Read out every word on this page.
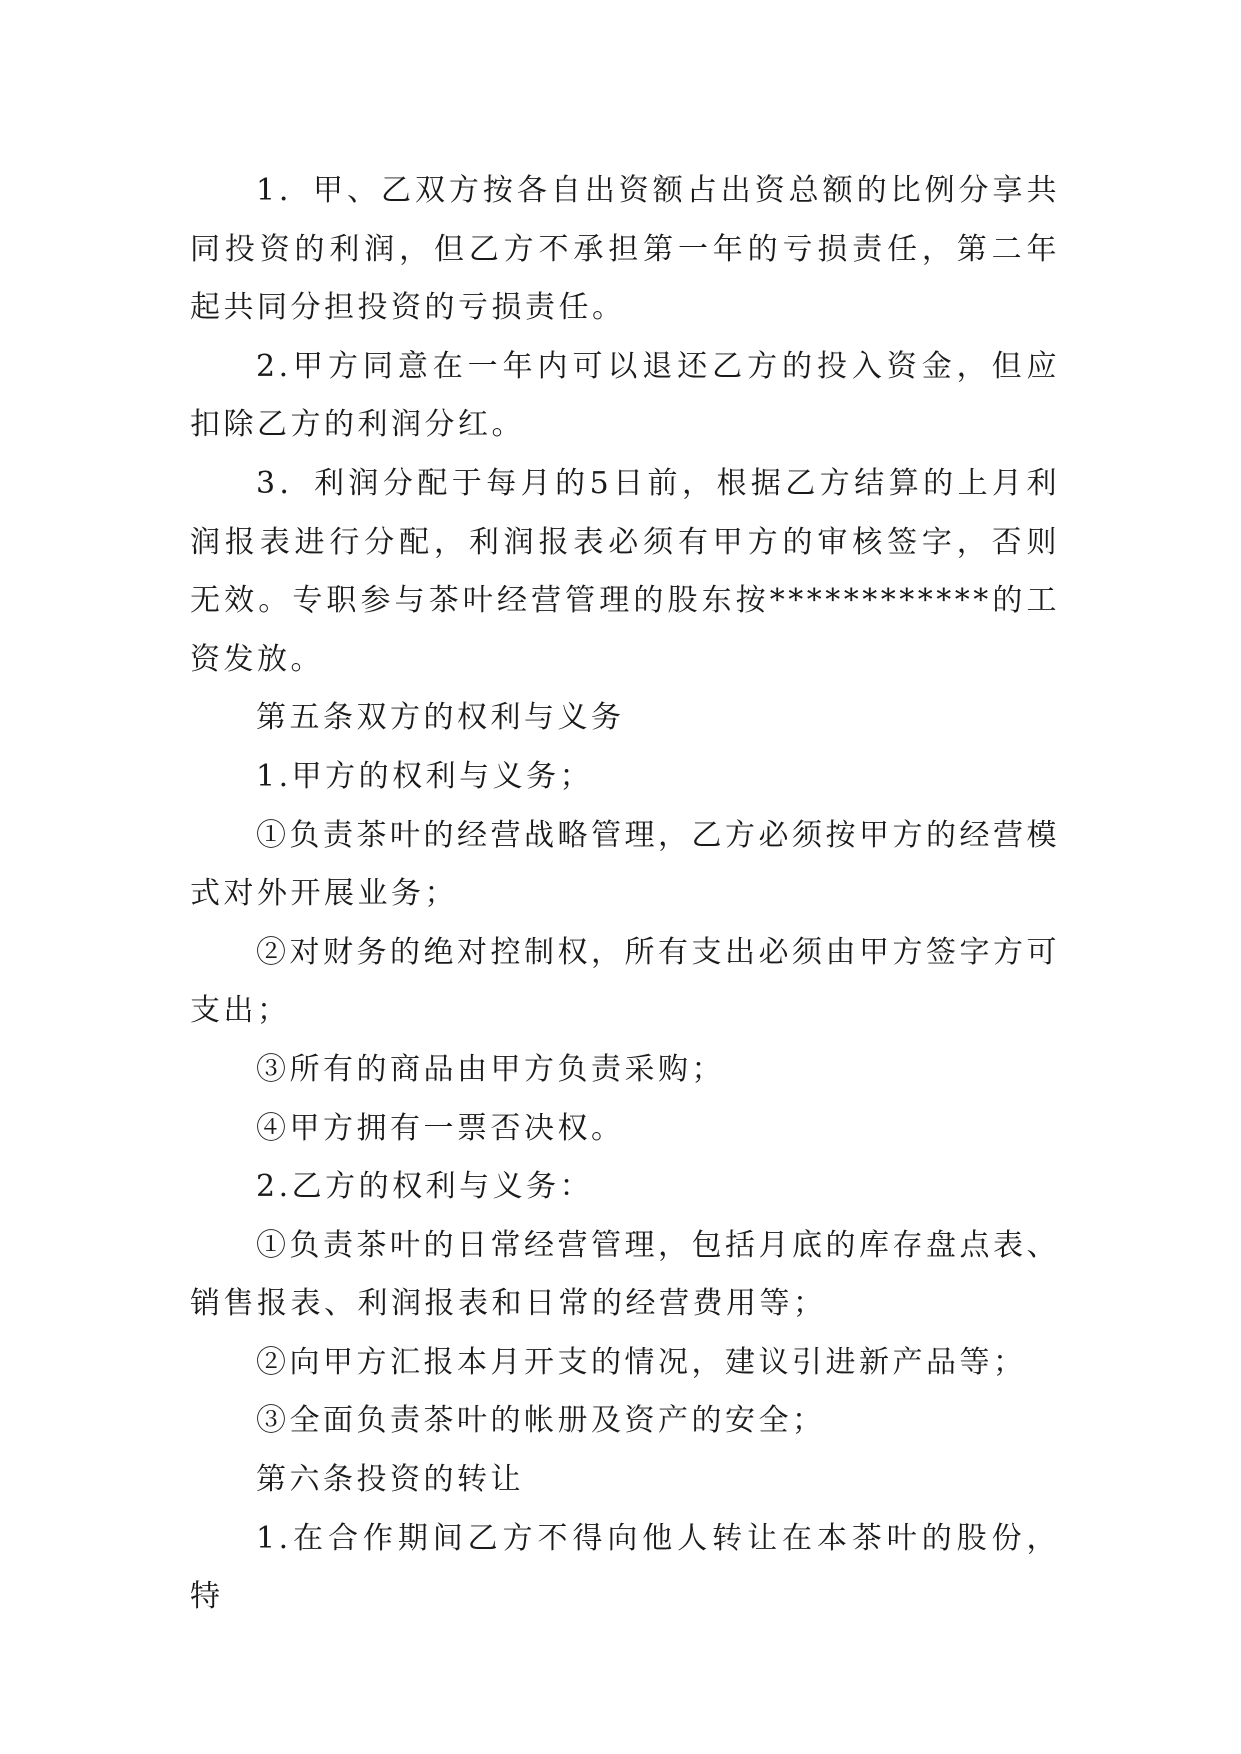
1．甲、乙双方按各自出资额占出资总额的比例分享共同投资的利润，但乙方不承担第一年的亏损责任，第二年起共同分担投资的亏损责任。

2.甲方同意在一年内可以退还乙方的投入资金，但应扣除乙方的利润分红。

3．利润分配于每月的5日前，根据乙方结算的上月利润报表进行分配，利润报表必须有甲方的审核签字，否则无效。专职参与茶叶经营管理的股东按************的工资发放。

第五条双方的权利与义务

1.甲方的权利与义务；

①负责茶叶的经营战略管理，乙方必须按甲方的经营模式对外开展业务；

②对财务的绝对控制权，所有支出必须由甲方签字方可支出；

③所有的商品由甲方负责采购；

④甲方拥有一票否决权。

2.乙方的权利与义务：

①负责茶叶的日常经营管理，包括月底的库存盘点表、销售报表、利润报表和日常的经营费用等；

②向甲方汇报本月开支的情况，建议引进新产品等；

③全面负责茶叶的帐册及资产的安全；

第六条投资的转让

1.在合作期间乙方不得向他人转让在本茶叶的股份，特
